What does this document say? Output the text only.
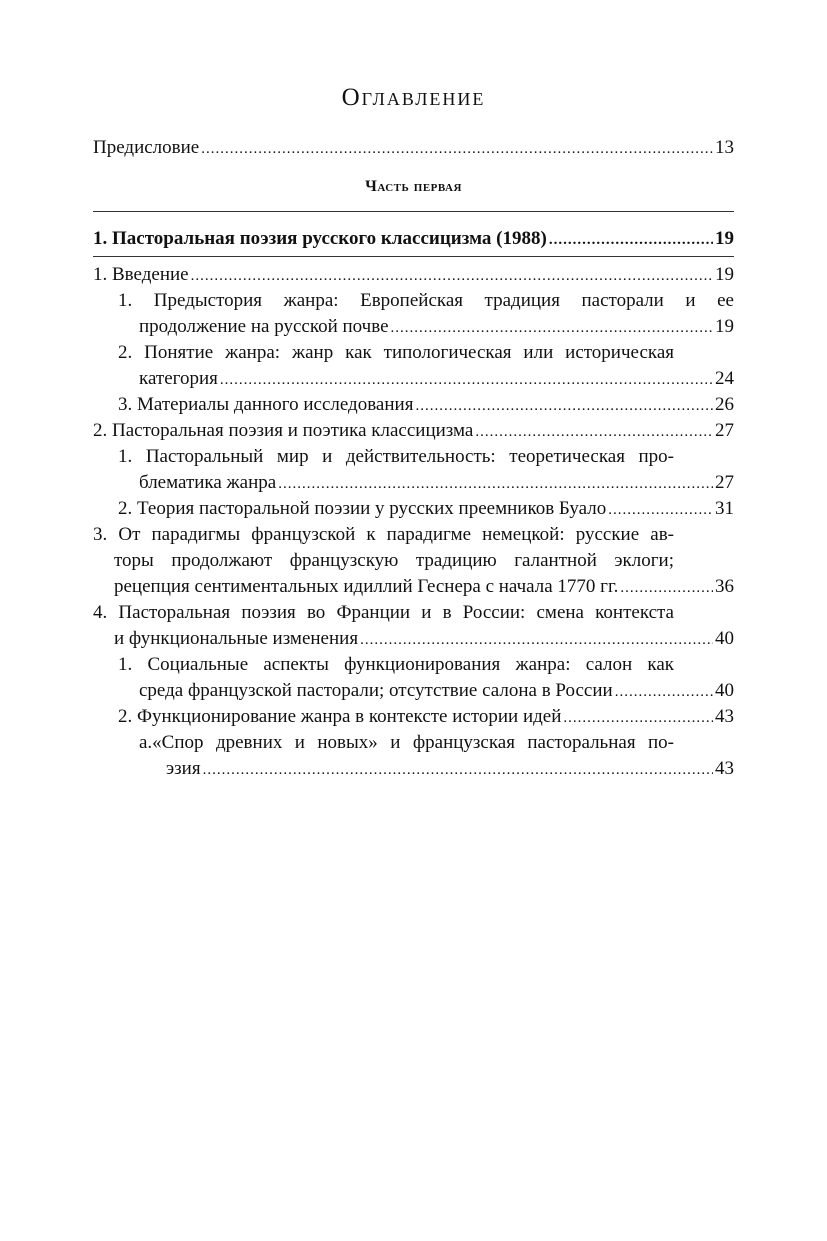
Оглавление
Предисловие .....	13
Часть первая
1. Пасторальная поэзия русского классицизма (1988) .....	19
1. Введение .....	19
1. Предыстория жанра: Европейская традиция пасторали и ее
продолжение на русской почве .....	19
2. Понятие жанра: жанр как типологическая или историческая
категория .....	24
3. Материалы данного исследования .....	26
2. Пасторальная поэзия и поэтика классицизма .....	27
1. Пасторальный мир и действительность: теоретическая про-
блематика жанра .....	27
2. Теория пасторальной поэзии у русских преемников Буало .....	31
3. От парадигмы французской к парадигме немецкой: русские ав-
торы продолжают французскую традицию галантной эклоги;
рецепция сентиментальных идиллий Геснера с начала 1770 гг. .....	36
4. Пасторальная поэзия во Франции и в России: смена контекста
и функциональные изменения .....	40
1. Социальные аспекты функционирования жанра: салон как
среда французской пасторали; отсутствие салона в России .....	40
2. Функционирование жанра в контексте истории идей .....	43
а.«Спор древних и новых» и французская пасторальная по-
эзия .....	43
